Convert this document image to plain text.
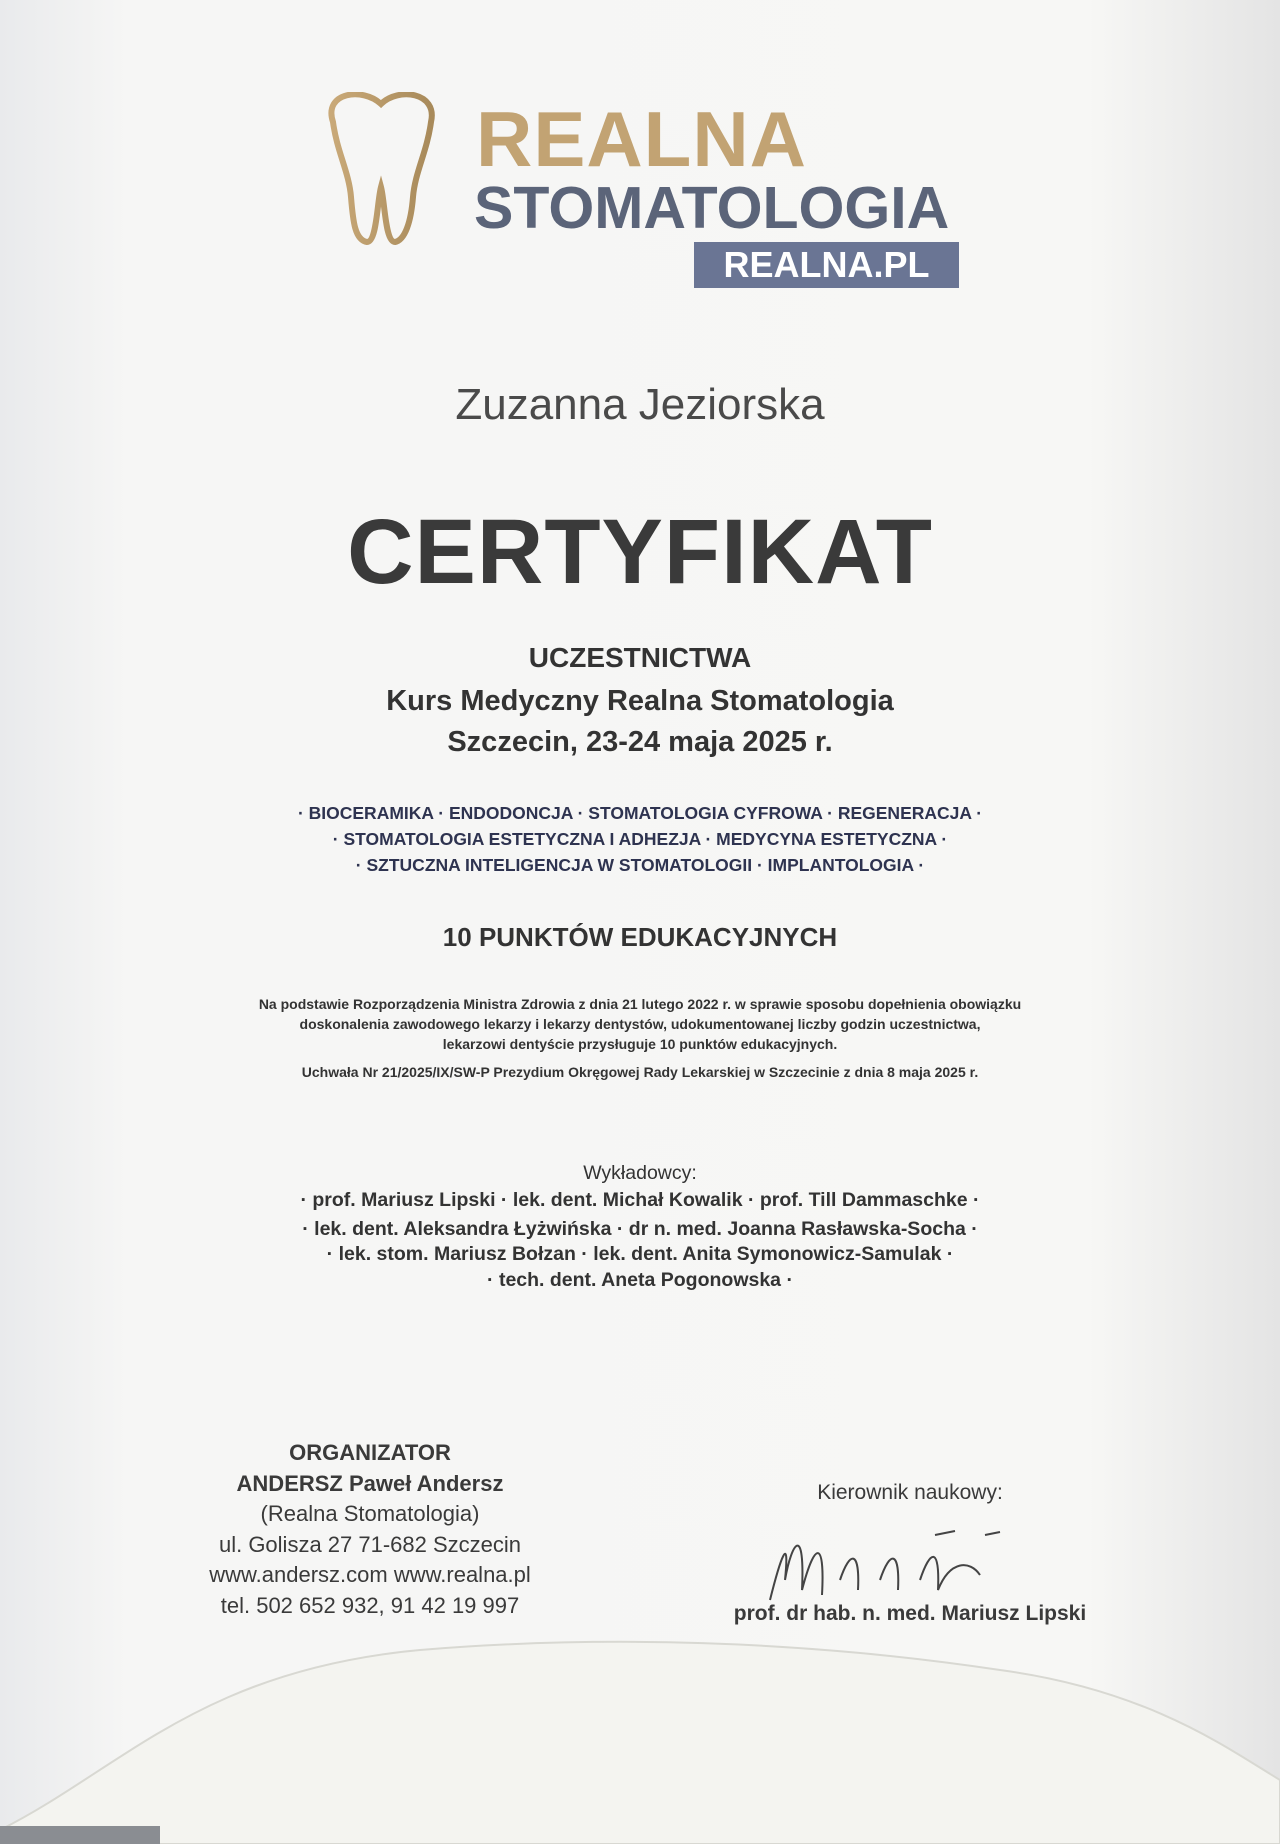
REALNA
STOMATOLOGIA
REALNA.PL
Zuzanna Jeziorska
CERTYFIKAT
UCZESTNICTWA
Kurs Medyczny Realna Stomatologia
Szczecin, 23-24 maja 2025 r.
· BIOCERAMIKA · ENDODONCJA · STOMATOLOGIA CYFROWA · REGENERACJA ·
· STOMATOLOGIA ESTETYCZNA I ADHEZJA · MEDYCYNA ESTETYCZNA ·
· SZTUCZNA INTELIGENCJA W STOMATOLOGII · IMPLANTOLOGIA ·
10 PUNKTÓW EDUKACYJNYCH
Na podstawie Rozporządzenia Ministra Zdrowia z dnia 21 lutego 2022 r. w sprawie sposobu dopełnienia obowiązku
doskonalenia zawodowego lekarzy i lekarzy dentystów, udokumentowanej liczby godzin uczestnictwa,
lekarzowi dentyście przysługuje 10 punktów edukacyjnych.
Uchwała Nr 21/2025/IX/SW-P Prezydium Okręgowej Rady Lekarskiej w Szczecinie z dnia 8 maja 2025 r.
Wykładowcy:
· prof. Mariusz Lipski · lek. dent. Michał Kowalik · prof. Till Dammaschke ·
· lek. dent. Aleksandra Łyżwińska · dr n. med. Joanna Rasławska-Socha ·
· lek. stom. Mariusz Bołzan · lek. dent. Anita Symonowicz-Samulak ·
· tech. dent. Aneta Pogonowska ·
ORGANIZATOR
ANDERSZ Paweł Andersz
(Realna Stomatologia)
ul. Golisza 27 71-682 Szczecin
www.andersz.com www.realna.pl
tel. 502 652 932, 91 42 19 997
Kierownik naukowy:
prof. dr hab. n. med. Mariusz Lipski
